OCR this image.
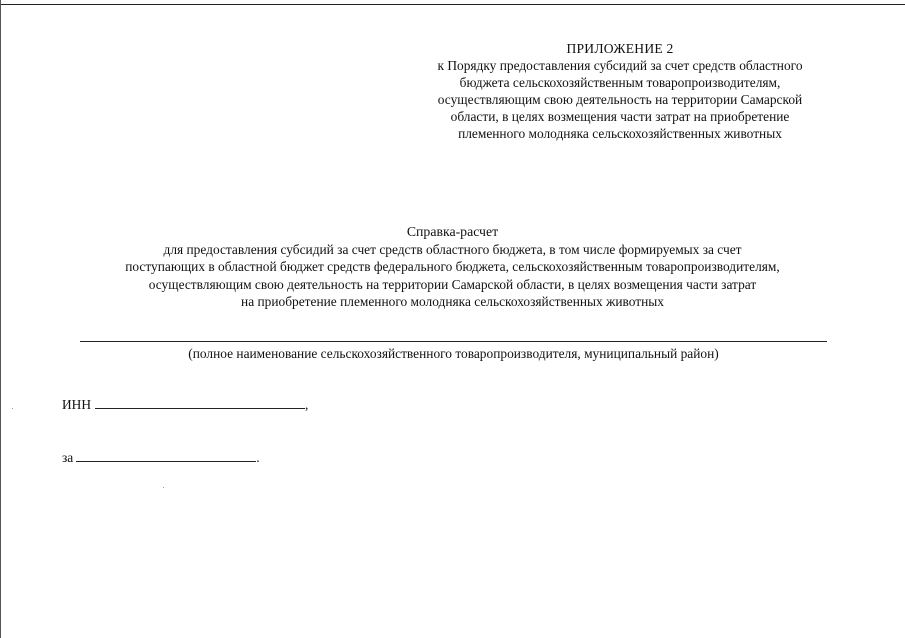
ПРИЛОЖЕНИЕ 2
к Порядку предоставления субсидий за счет средств областного
бюджета сельскохозяйственным товаропроизводителям,
осуществляющим свою деятельность на территории Самарской
области, в целях возмещения части затрат на приобретение
племенного молодняка сельскохозяйственных животных
Справка-расчет
для предоставления субсидий за счет средств областного бюджета, в том числе формируемых за счет
поступающих в областной бюджет средств федерального бюджета, сельскохозяйственным товаропроизводителям,
осуществляющим свою деятельность на территории Самарской области, в целях возмещения части затрат
на приобретение племенного молодняка сельскохозяйственных животных
(полное наименование сельскохозяйственного товаропроизводителя, муниципальный район)
ИНН	,
за	.
